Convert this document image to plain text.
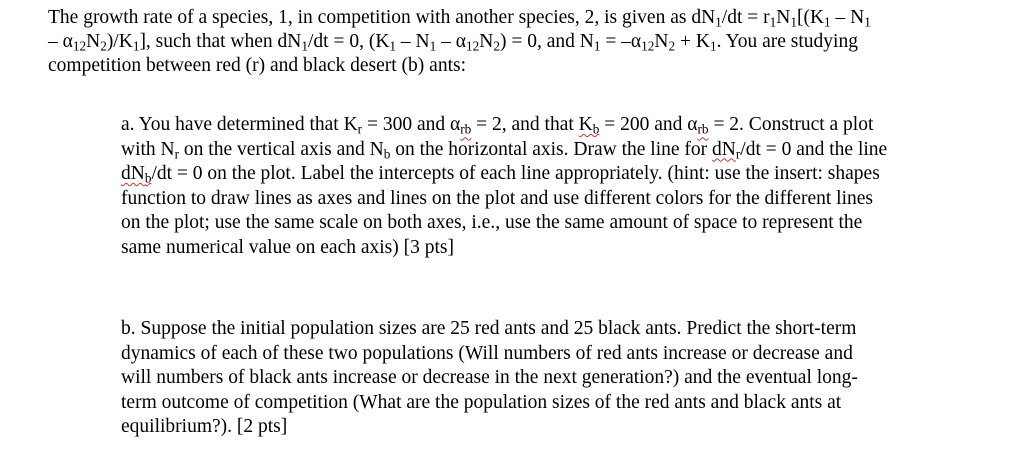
The growth rate of a species, 1, in competition with another species, 2, is given as $dN_1/dt = r_1N_1[(K_1 - N_1$
– $\alpha_{12}N_2)/K_1$], such that when $dN_1/dt = 0$, $(K_1 - N_1 - \alpha_{12}N_2) = 0$, and $N_1 = -\alpha_{12}N_2 + K_1$. You are studying
competition between red (r) and black desert (b) ants:
a. You have determined that $K_r = 300$ and $\alpha_{rb} = 2$, and that $K_b = 200$ and $\alpha_{rb} = 2$. Construct a plot
with $N_r$ on the vertical axis and $N_b$ on the horizontal axis. Draw the line for $dN_r/dt = 0$ and the line
$dN_b/dt = 0$ on the plot. Label the intercepts of each line appropriately. (hint: use the insert: shapes
function to draw lines as axes and lines on the plot and use different colors for the different lines
on the plot; use the same scale on both axes, i.e., use the same amount of space to represent the
same numerical value on each axis) [3 pts]
b. Suppose the initial population sizes are 25 red ants and 25 black ants. Predict the short-term
dynamics of each of these two populations (Will numbers of red ants increase or decrease and
will numbers of black ants increase or decrease in the next generation?) and the eventual long-
term outcome of competition (What are the population sizes of the red ants and black ants at
equilibrium?). [2 pts]
